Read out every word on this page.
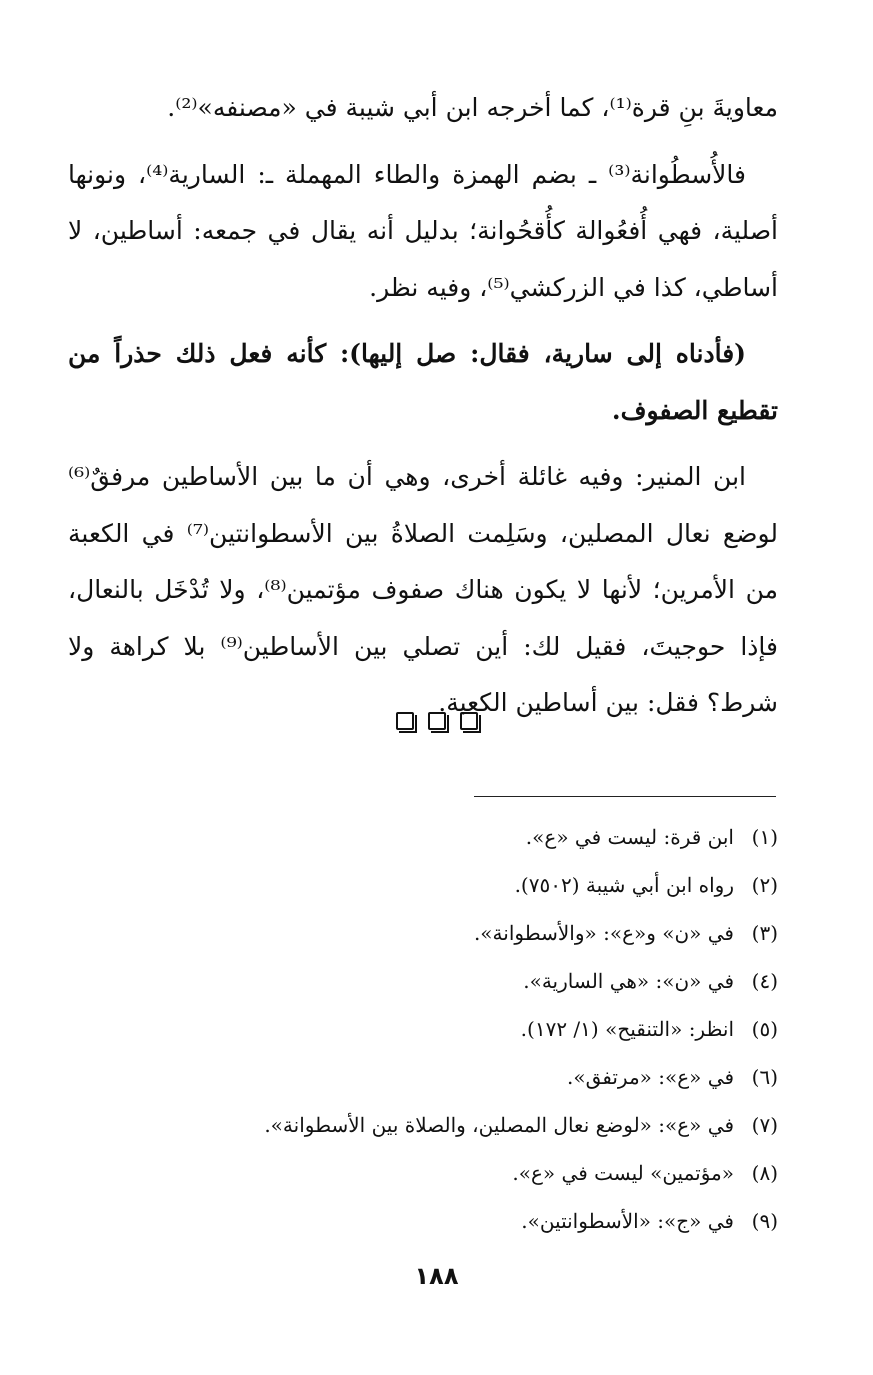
معاويةَ بنِ قرة⁽¹⁾، كما أخرجه ابن أبي شيبة في «مصنفه»⁽²⁾.

فالأُسطُوانة⁽³⁾ ـ بضم الهمزة والطاء المهملة ـ: السارية⁽⁴⁾، ونونها أصلية، فهي أُفعُوالة كأُقحُوانة؛ بدليل أنه يقال في جمعه: أساطين، لا أساطي، كذا في الزركشي⁽⁵⁾، وفيه نظر.

(فأدناه إلى سارية، فقال: صل إليها): كأنه فعل ذلك حذراً من تقطيع الصفوف.

ابن المنير: وفيه غائلة أخرى، وهي أن ما بين الأساطين مرفقٌ⁽⁶⁾ لوضع نعال المصلين، وسَلِمت الصلاةُ بين الأسطوانتين⁽⁷⁾ في الكعبة من الأمرين؛ لأنها لا يكون هناك صفوف مؤتمين⁽⁸⁾، ولا تُدْخَل بالنعال، فإذا حوجيتَ، فقيل لك: أين تصلي بين الأساطين⁽⁹⁾ بلا كراهة ولا شرط؟ فقل: بين أساطين الكعبة.

(١)
ابن قرة: ليست في «ع».
(٢)
رواه ابن أبي شيبة (٧٥٠٢).
(٣)
في «ن» و«ع»: «والأسطوانة».
(٤)
في «ن»: «هي السارية».
(٥)
انظر: «التنقيح» (١/ ١٧٢).
(٦)
في «ع»: «مرتفق».
(٧)
في «ع»: «لوضع نعال المصلين، والصلاة بين الأسطوانة».
(٨)
«مؤتمين» ليست في «ع».
(٩)
في «ج»: «الأسطوانتين».
١٨٨
